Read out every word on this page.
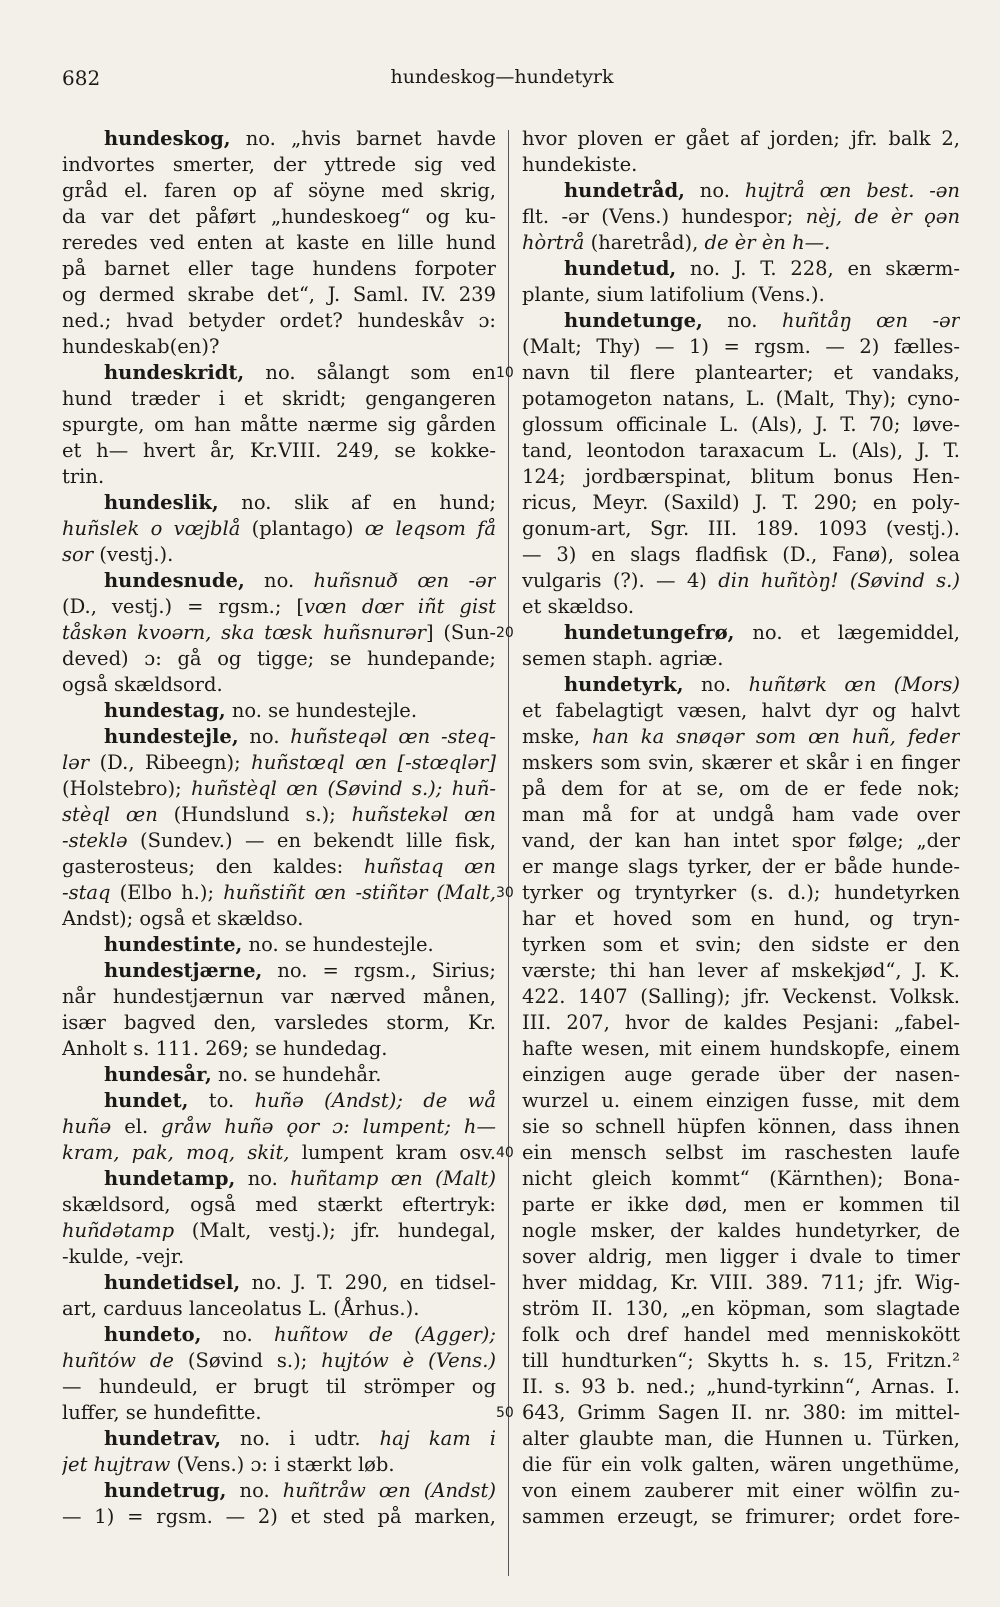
682	hundeskog—hundetyrk
hundeskog, no. „hvis barnet havde
indvortes smerter, der yttrede sig ved
gråd el. faren op af söyne med skrig,
da var det påført „hundeskoeg“ og ku-
reredes ved enten at kaste en lille hund
på barnet eller tage hundens forpoter
og dermed skrabe det“, J. Saml. IV. 239
ned.; hvad betyder ordet? hundeskåv ɔ:
hundeskab(en)?
hundeskridt, no. sålangt som en
hund træder i et skridt; gengangeren
spurgte, om han måtte nærme sig gården
et h— hvert år, Kr.VIII. 249, se kokke-
trin.
hundeslik, no. slik af en hund;
huñslek o vœjblå (plantago) œ leqsom få
sor (vestj.).
hundesnude, no. huñsnuð œn -ər
(D., vestj.) = rgsm.; [vœn dœr iñt gist
tåskən kvoərn, ska tœsk huñsnurər] (Sun-
deved) ɔ: gå og tigge; se hundepande;
også skældsord.
hundestag, no. se hundestejle.
hundestejle, no. huñsteqəl œn -steq-
lər (D., Ribeegn); huñstœql œn [-stœqlər]
(Holstebro); huñstèql œn (Søvind s.); huñ-
stèql œn (Hundslund s.); huñstekəl œn
-steklə (Sundev.) — en bekendt lille fisk,
gasterosteus; den kaldes: huñstaq œn
-staq (Elbo h.); huñstiñt œn -stiñtər (Malt,
Andst); også et skældso.
hundestinte, no. se hundestejle.
hundestjærne, no. = rgsm., Sirius;
når hundestjærnun var nærved månen,
især bagved den, varsledes storm, Kr.
Anholt s. 111. 269; se hundedag.
hundesår, no. se hundehår.
hundet, to. huñə (Andst); de wå
huñə el. gråw huñə ǫor ɔ: lumpent; h—
kram, pak, moq, skit, lumpent kram osv.
hundetamp, no. huñtamp œn (Malt)
skældsord, også med stærkt eftertryk:
huñdətamp (Malt, vestj.); jfr. hundegal,
-kulde, -vejr.
hundetidsel, no. J. T. 290, en tidsel-
art, carduus lanceolatus L. (Århus.).
hundeto, no. huñtow de (Agger);
huñtów de (Søvind s.); hujtów è (Vens.)
— hundeuld, er brugt til strömper og
luffer, se hundefitte.
hundetrav, no. i udtr. haj kam i
jet hujtraw (Vens.) ɔ: i stærkt løb.
hundetrug, no. huñtråw œn (Andst)
— 1) = rgsm. — 2) et sted på marken,
hvor ploven er gået af jorden; jfr. balk 2,
hundekiste.
hundetråd, no. hujtrå œn best. -ən
flt. -ər (Vens.) hundespor; nèj, de èr ǫən
hòrtrå (haretråd), de èr èn h—.
hundetud, no. J. T. 228, en skærm-
plante, sium latifolium (Vens.).
hundetunge, no. huñtåŋ œn -ər
(Malt; Thy) — 1) = rgsm. — 2) fælles-
navn til flere plantearter; et vandaks,
potamogeton natans, L. (Malt, Thy); cyno-
glossum officinale L. (Als), J. T. 70; løve-
tand, leontodon taraxacum L. (Als), J. T.
124; jordbærspinat, blitum bonus Hen-
ricus, Meyr. (Saxild) J. T. 290; en poly-
gonum-art, Sgr. III. 189. 1093 (vestj.).
— 3) en slags fladfisk (D., Fanø), solea
vulgaris (?). — 4) din huñtòŋ! (Søvind s.)
et skældso.
hundetungefrø, no. et lægemiddel,
semen staph. agriæ.
hundetyrk, no. huñtørk œn (Mors)
et fabelagtigt væsen, halvt dyr og halvt
mske, han ka snøqər som œn huñ, feder
mskers som svin, skærer et skår i en finger
på dem for at se, om de er fede nok;
man må for at undgå ham vade over
vand, der kan han intet spor følge; „der
er mange slags tyrker, der er både hunde-
tyrker og tryntyrker (s. d.); hundetyrken
har et hoved som en hund, og tryn-
tyrken som et svin; den sidste er den
værste; thi han lever af mskekjød“, J. K.
422. 1407 (Salling); jfr. Veckenst. Volksk.
III. 207, hvor de kaldes Pesjani: „fabel-
hafte wesen, mit einem hundskopfe, einem
einzigen auge gerade über der nasen-
wurzel u. einem einzigen fusse, mit dem
sie so schnell hüpfen können, dass ihnen
ein mensch selbst im raschesten laufe
nicht gleich kommt“ (Kärnthen); Bona-
parte er ikke død, men er kommen til
nogle msker, der kaldes hundetyrker, de
sover aldrig, men ligger i dvale to timer
hver middag, Kr. VIII. 389. 711; jfr. Wig-
ström II. 130, „en köpman, som slagtade
folk och dref handel med menniskokött
till hundturken“; Skytts h. s. 15, Fritzn.²
II. s. 93 b. ned.; „hund-tyrkinn“, Arnas. I.
643, Grimm Sagen II. nr. 380: im mittel-
alter glaubte man, die Hunnen u. Türken,
die für ein volk galten, wären ungethüme,
von einem zauberer mit einer wölfin zu-
sammen erzeugt, se frimurer; ordet fore-
10
20
30
40
50
